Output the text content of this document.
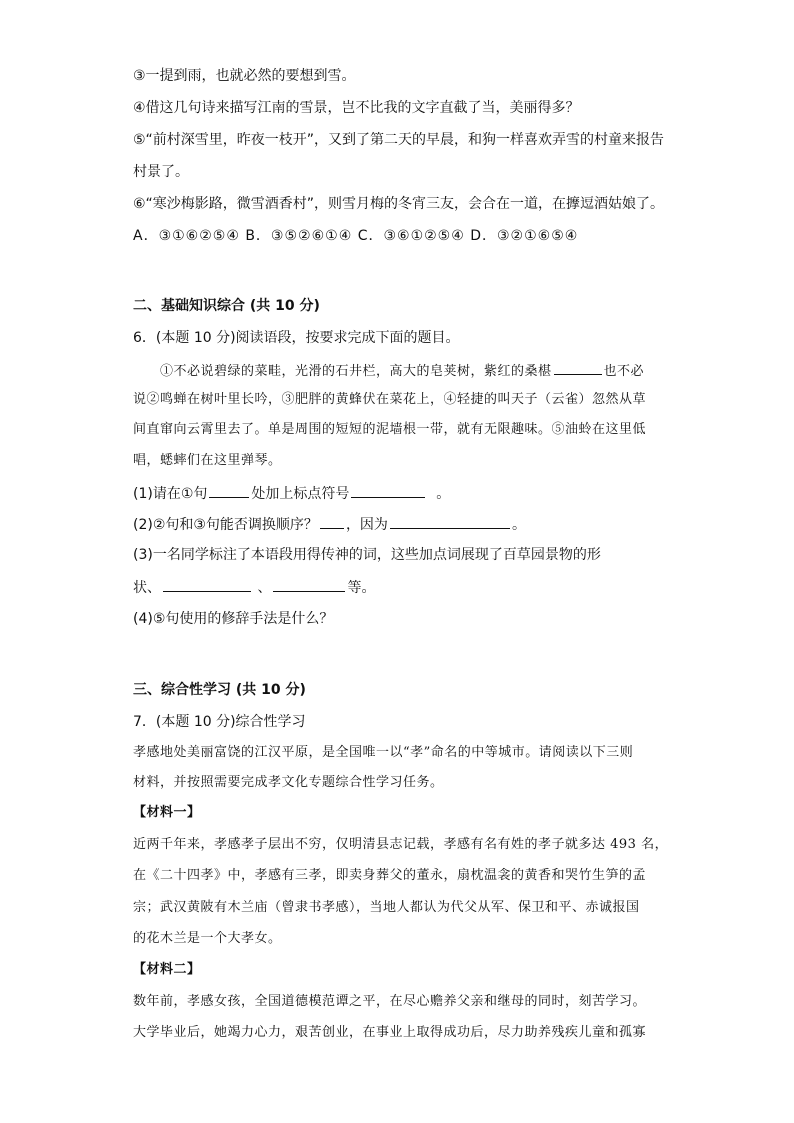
③一提到雨，也就必然的要想到雪。
④借这几句诗来描写江南的雪景，岂不比我的文字直截了当，美丽得多？
⑤“前村深雪里，昨夜一枝开”，又到了第二天的早晨，和狗一样喜欢弄雪的村童来报告
村景了。
⑥“寒沙梅影路，微雪酒香村”，则雪月梅的冬宵三友，会合在一道，在擵逗酒姑娘了。
A．③①⑥②⑤④ B．③⑤②⑥①④ C．③⑥①②⑤④ D．③②①⑥⑤④
二、基础知识综合 (共 10 分)
6．(本题 10 分)阅读语段，按要求完成下面的题目。
①不必说碧绿的菜畦，光滑的石井栏，高大的皂荚树，紫红的桑椹	也不必
说②鸣蝉在树叶里长吟，③肥胖的黄蜂伏在菜花上，④轻捷的叫天子（云雀）忽然从草
间直窜向云霄里去了。单是周围的短短的泥墙根一带，就有无限趣味。⑤油蛉在这里低
唱，蟋蟀们在这里弹琴。
(1)请在①句	处加上标点符号	。
(2)②句和③句能否调换顺序？ ，因为	。
(3)一名同学标注了本语段用得传神的词，这些加点词展现了百草园景物的形
状、	、	等。
(4)⑤句使用的修辞手法是什么？
三、综合性学习 (共 10 分)
7．(本题 10 分)综合性学习
孝感地处美丽富饶的江汉平原，是全国唯一以“孝”命名的中等城市。请阅读以下三则
材料，并按照需要完成孝文化专题综合性学习任务。
【材料一】
近两千年来，孝感孝子层出不穷，仅明清县志记载，孝感有名有姓的孝子就多达 493 名，
在《二十四孝》中，孝感有三孝，即卖身葬父的董永，扇枕温衾的黄香和哭竹生笋的孟
宗；武汉黄陂有木兰庙（曾隶书孝感），当地人都认为代父从军、保卫和平、赤诚报国
的花木兰是一个大孝女。
【材料二】
数年前，孝感女孩，全国道德模范谭之平，在尽心赡养父亲和继母的同时，刻苦学习。
大学毕业后，她竭力心力，艰苦创业，在事业上取得成功后，尽力助养残疾儿童和孤寡
